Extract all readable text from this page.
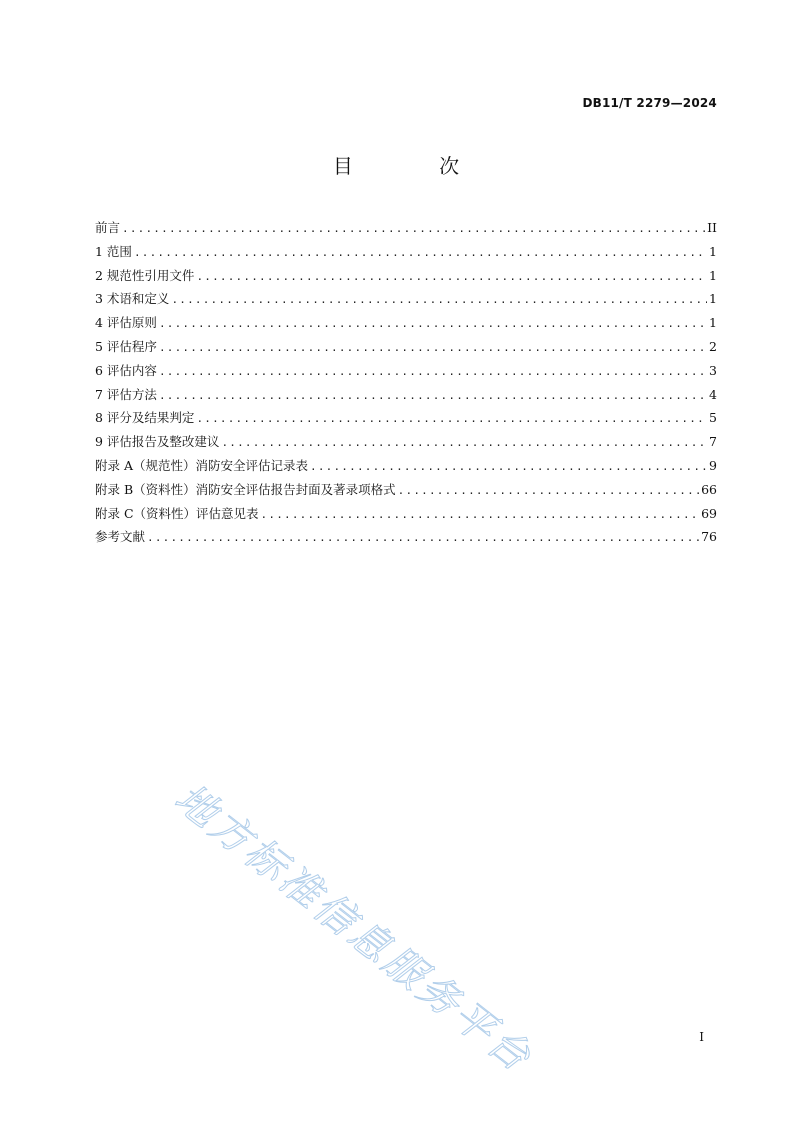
DB11/T 2279—2024
目 次
前言 .....	II
1 范围 .....	1
2 规范性引用文件 .....	1
3 术语和定义 .....	1
4 评估原则 .....	1
5 评估程序 .....	2
6 评估内容 .....	3
7 评估方法 .....	4
8 评分及结果判定 .....	5
9 评估报告及整改建议 .....	7
附录 A（规范性）消防安全评估记录表 .....	9
附录 B（资料性）消防安全评估报告封面及著录项格式 .....	66
附录 C（资料性）评估意见表 .....	69
参考文献 .....	76
地方标准信息服务平台	I
